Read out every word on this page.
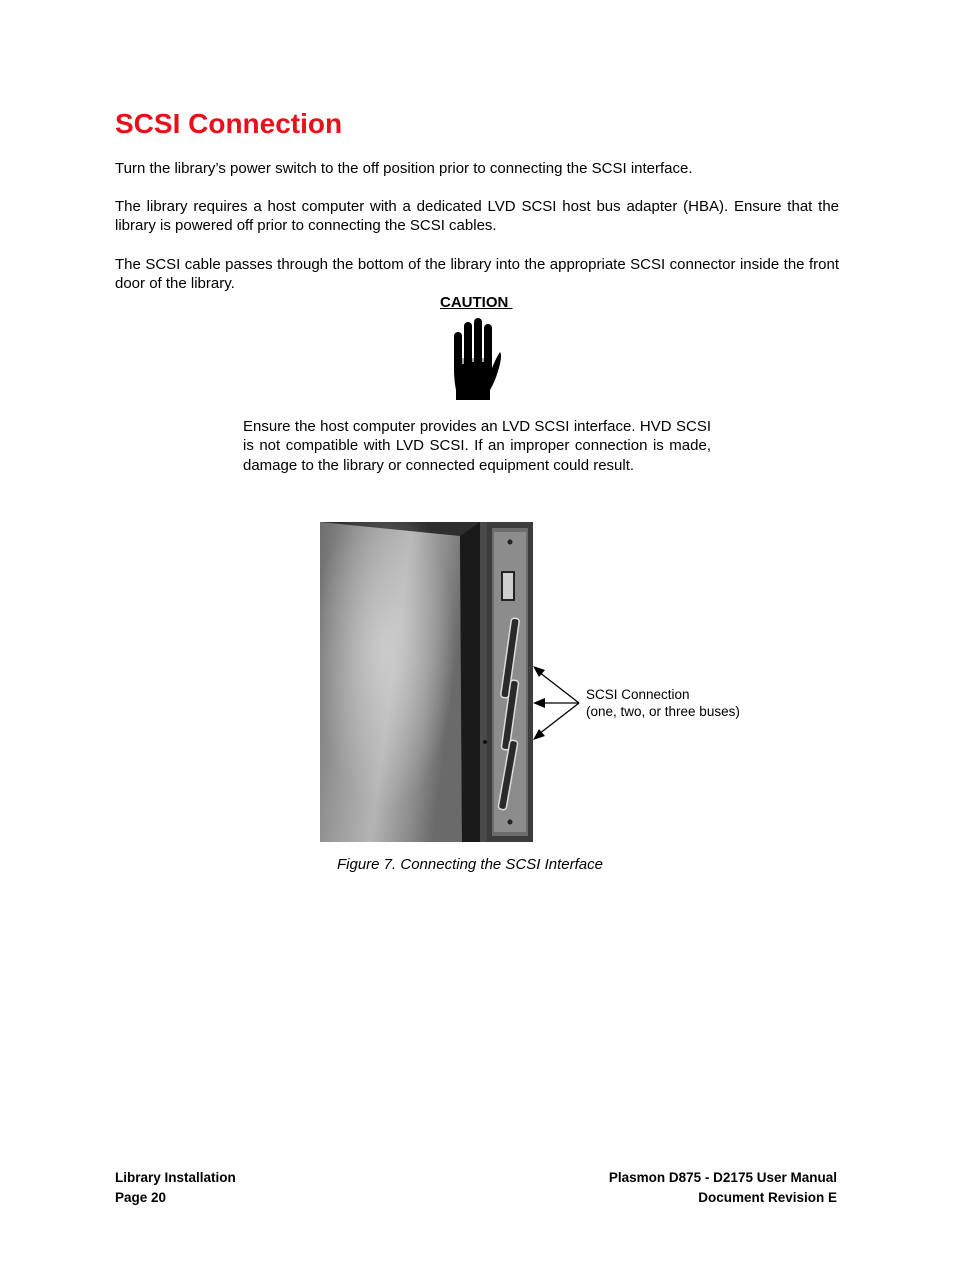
SCSI Connection

Turn the library’s power switch to the off position prior to connecting the SCSI interface.

The library requires a host computer with a dedicated LVD SCSI host bus adapter (HBA). Ensure that the library is powered off prior to connecting the SCSI cables.

The SCSI cable passes through the bottom of the library into the appropriate SCSI connector inside the front door of the library.

CAUTION

Ensure the host computer provides an LVD SCSI interface. HVD SCSI is not compatible with LVD SCSI. If an improper connection is made, damage to the library or connected equipment could result.

SCSI Connection
(one, two, or three buses)
Figure 7. Connecting the SCSI Interface
Library Installation
Page 20
Plasmon D875 - D2175 User Manual
Document Revision E
